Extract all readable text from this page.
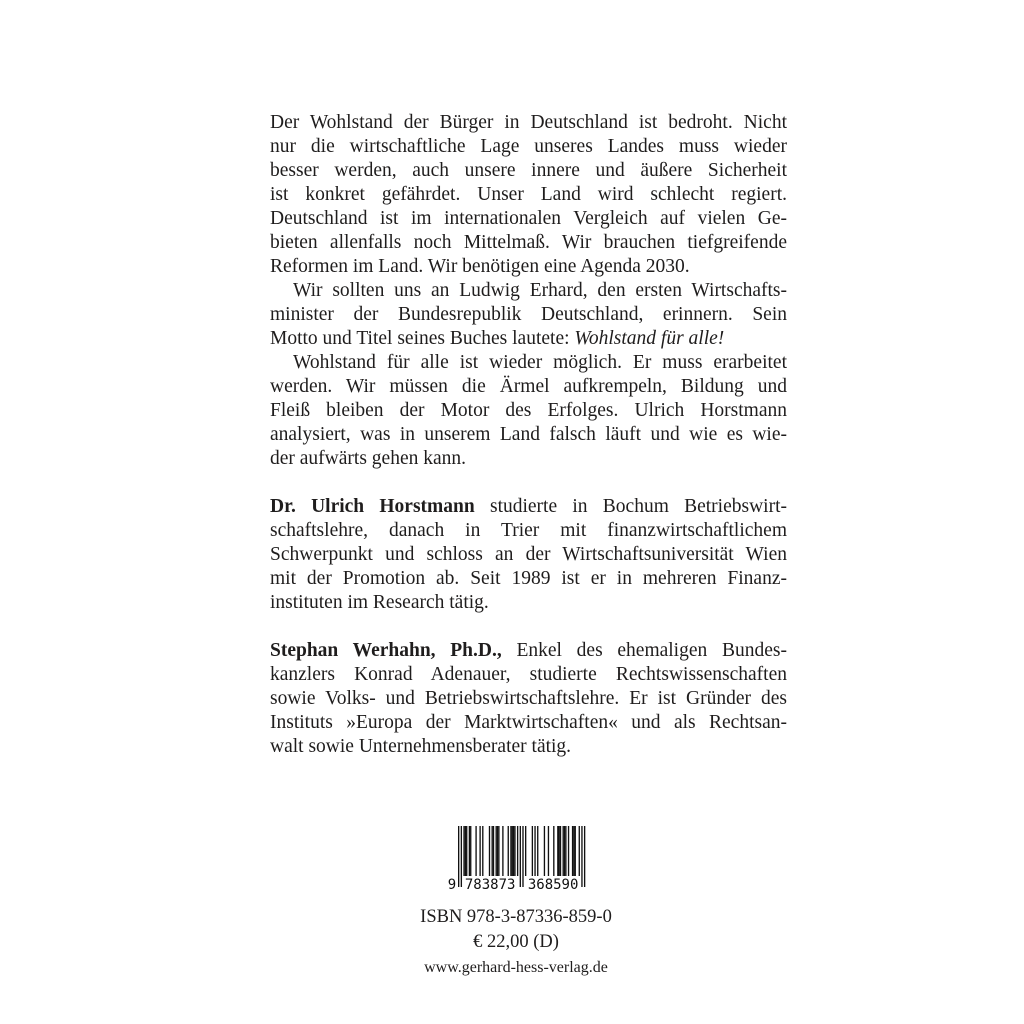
Der Wohlstand der Bürger in Deutschland ist bedroht. Nicht
nur die wirtschaftliche Lage unseres Landes muss wieder
besser werden, auch unsere innere und äußere Sicherheit
ist konkret gefährdet. Unser Land wird schlecht regiert.
Deutschland ist im internationalen Vergleich auf vielen Ge-
bieten allenfalls noch Mittelmaß. Wir brauchen tiefgreifende
Reformen im Land. Wir benötigen eine Agenda 2030.
Wir sollten uns an Ludwig Erhard, den ersten Wirtschafts-
minister der Bundesrepublik Deutschland, erinnern. Sein
Motto und Titel seines Buches lautete: Wohlstand für alle!
Wohlstand für alle ist wieder möglich. Er muss erarbeitet
werden. Wir müssen die Ärmel aufkrempeln, Bildung und
Fleiß bleiben der Motor des Erfolges. Ulrich Horstmann
analysiert, was in unserem Land falsch läuft und wie es wie-
der aufwärts gehen kann.
Dr. Ulrich Horstmann studierte in Bochum Betriebswirt-
schaftslehre, danach in Trier mit finanzwirtschaftlichem
Schwerpunkt und schloss an der Wirtschaftsuniversität Wien
mit der Promotion ab. Seit 1989 ist er in mehreren Finanz-
instituten im Research tätig.
Stephan Werhahn, Ph.D., Enkel des ehemaligen Bundes-
kanzlers Konrad Adenauer, studierte Rechtswissenschaften
sowie Volks- und Betriebswirtschaftslehre. Er ist Gründer des
Instituts »Europa der Marktwirtschaften« und als Rechtsan-
walt sowie Unternehmensberater tätig.
9 783873 368590
ISBN 978-3-87336-859-0
€ 22,00 (D)
www.gerhard-hess-verlag.de
